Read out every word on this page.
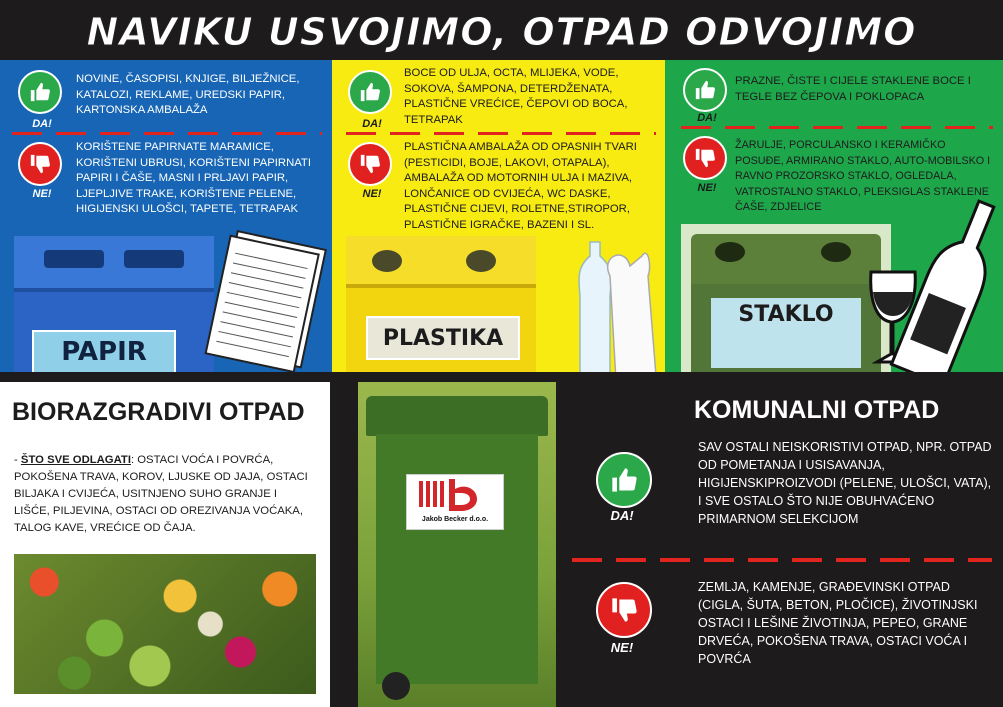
NAVIKU USVOJIMO, OTPAD ODVOJIMO
DA!
NOVINE, ČASOPISI, KNJIGE, BILJEŽNICE, KATALOZI, REKLAME, UREDSKI PAPIR, KARTONSKA AMBALAŽA
NE!
KORIŠTENE PAPIRNATE MARAMICE, KORIŠTENI UBRUSI, KORIŠTENI PAPIRNATI PAPIRI I ČAŠE, MASNI I PRLJAVI PAPIR, LJEPLJIVE TRAKE, KORIŠTENE PELENE, HIGIJENSKI ULOŠCI, TAPETE, TETRAPAK
PAPIR
DA!
BOCE OD ULJA, OCTA, MLIJEKA, VODE, SOKOVA, ŠAMPONA, DETERDŽENATA, PLASTIČNE VREĆICE, ČEPOVI OD BOCA, TETRAPAK
NE!
PLASTIČNA AMBALAŽA OD OPASNIH TVARI (PESTICIDI, BOJE, LAKOVI, OTAPALA), AMBALAŽA OD MOTORNIH ULJA I MAZIVA, LONČANICE OD CVIJEĆA, WC DASKE, PLASTIČNE CIJEVI, ROLETNE,STIROPOR, PLASTIČNE IGRAČKE, BAZENI I SL.
PLASTIKA
DA!
PRAZNE, ČISTE I CIJELE STAKLENE BOCE I TEGLE BEZ ČEPOVA I POKLOPACA
NE!
ŽARULJE, PORCULANSKO I KERAMIČKO POSUĐE, ARMIRANO STAKLO, AUTO-MOBILSKO I RAVNO PROZORSKO STAKLO, OGLEDALA, VATROSTALNO STAKLO, PLEKSIGLAS STAKLENE ČAŠE, ZDJELICE
STAKLO
BIORAZGRADIVI OTPAD
- ŠTO SVE ODLAGATI: OSTACI VOĆA I POVRĆA, POKOŠENA TRAVA, KOROV, LJUSKE OD JAJA, OSTACI BILJAKA I CVIJEĆA, USITNJENO SUHO GRANJE I LIŠĆE, PILJEVINA, OSTACI OD OREZIVANJA VOĆAKA, TALOG KAVE, VREĆICE OD ČAJA.
Jakob Becker d.o.o.
KOMUNALNI OTPAD
DA!
SAV OSTALI NEISKORISTIVI OTPAD, NPR. OTPAD OD POMETANJA I USISAVANJA, HIGIJENSKIPROIZVODI (PELENE, ULOŠCI, VATA), I SVE OSTALO ŠTO NIJE OBUHVAĆENO PRIMARNOM SELEKCIJOM
NE!
ZEMLJA, KAMENJE, GRAĐEVINSKI OTPAD (CIGLA, ŠUTA, BETON, PLOČICE), ŽIVOTINJSKI OSTACI I LEŠINE ŽIVOTINJA, PEPEO, GRANE DRVEĆA, POKOŠENA TRAVA, OSTACI VOĆA I POVRĆA
